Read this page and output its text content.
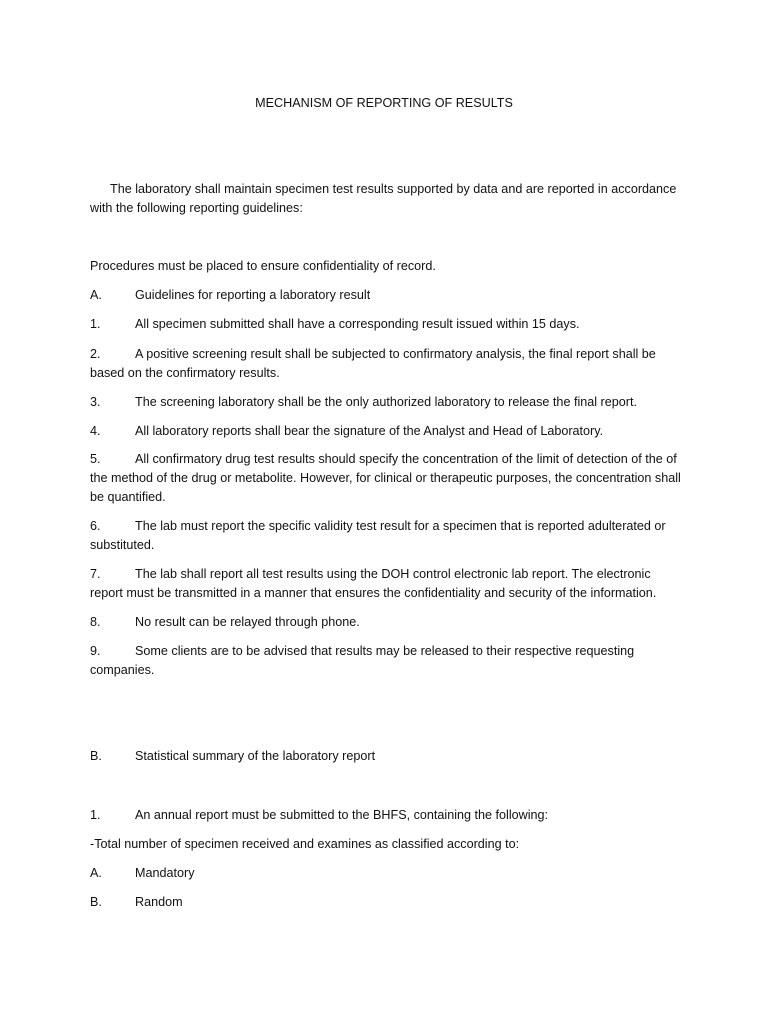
MECHANISM OF REPORTING OF RESULTS

The laboratory shall maintain specimen test results supported by data and are reported in accordance with the following reporting guidelines:

Procedures must be placed to ensure confidentiality of record.

A.	Guidelines for reporting a laboratory result

1.	All specimen submitted shall have a corresponding result issued within 15 days.

2.	A positive screening result shall be subjected to confirmatory analysis, the final report shall be based on the confirmatory results.

3.	The screening laboratory shall be the only authorized laboratory to release the final report.

4.	All laboratory reports shall bear the signature of the Analyst and Head of Laboratory.

5.	All confirmatory drug test results should specify the concentration of the limit of detection of the of the method of the drug or metabolite. However, for clinical or therapeutic purposes, the concentration shall be quantified.

6.	The lab must report the specific validity test result for a specimen that is reported adulterated or substituted.

7.	The lab shall report all test results using the DOH control electronic lab report. The electronic report must be transmitted in a manner that ensures the confidentiality and security of the information.

8.	No result can be relayed through phone.

9.	Some clients are to be advised that results may be released to their respective requesting companies.

B.	Statistical summary of the laboratory report

1.	An annual report must be submitted to the BHFS, containing the following:

-Total number of specimen received and examines as classified according to:

A.	Mandatory

B.	Random
